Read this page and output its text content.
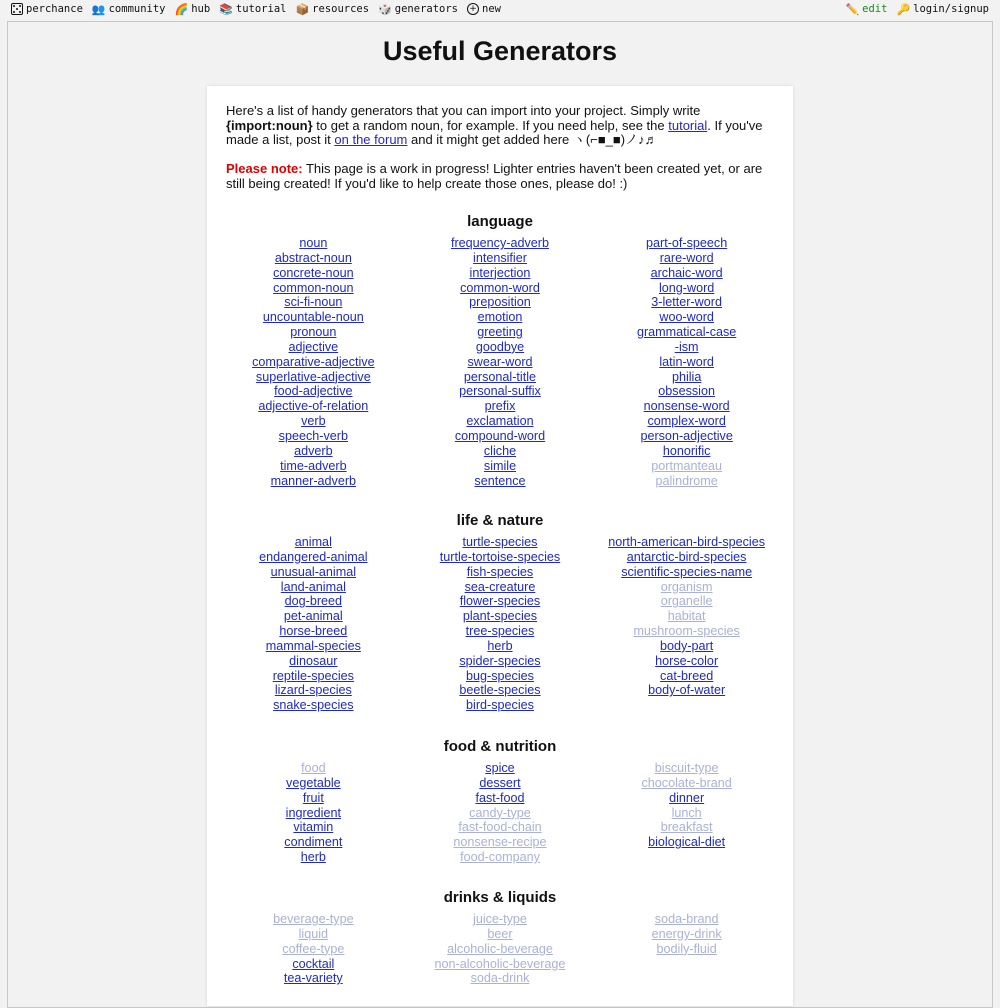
perchance 👥 community 🌈 hub 📚 tutorial 📦 resources 🎲 generators + new	✏️ edit 🔑 login/signup
Useful Generators

Here's a list of handy generators that you can import into your project. Simply write {import:noun} to get a random noun, for example. If you need help, see the tutorial. If you've made a list, post it on the forum and it might get added here ヽ(⌐■_■)ノ♪♬

Please note: This page is a work in progress! Lighter entries haven't been created yet, or are still being created! If you'd like to help create those ones, please do! :)

language
noun
abstract-noun
concrete-noun
common-noun
sci-fi-noun
uncountable-noun
pronoun
adjective
comparative-adjective
superlative-adjective
food-adjective
adjective-of-relation
verb
speech-verb
adverb
time-adverb
manner-adverb
frequency-adverb
intensifier
interjection
common-word
preposition
emotion
greeting
goodbye
swear-word
personal-title
personal-suffix
prefix
exclamation
compound-word
cliche
simile
sentence
part-of-speech
rare-word
archaic-word
long-word
3-letter-word
woo-word
grammatical-case
-ism
latin-word
philia
obsession
nonsense-word
complex-word
person-adjective
honorific
portmanteau
palindrome
life & nature
animal
endangered-animal
unusual-animal
land-animal
dog-breed
pet-animal
horse-breed
mammal-species
dinosaur
reptile-species
lizard-species
snake-species
turtle-species
turtle-tortoise-species
fish-species
sea-creature
flower-species
plant-species
tree-species
herb
spider-species
bug-species
beetle-species
bird-species
north-american-bird-species
antarctic-bird-species
scientific-species-name
organism
organelle
habitat
mushroom-species
body-part
horse-color
cat-breed
body-of-water
food & nutrition
food
vegetable
fruit
ingredient
vitamin
condiment
herb
spice
dessert
fast-food
candy-type
fast-food-chain
nonsense-recipe
food-company
biscuit-type
chocolate-brand
dinner
lunch
breakfast
biological-diet
drinks & liquids
beverage-type
liquid
coffee-type
cocktail
tea-variety
juice-type
beer
alcoholic-beverage
non-alcoholic-beverage
soda-drink
soda-brand
energy-drink
bodily-fluid
